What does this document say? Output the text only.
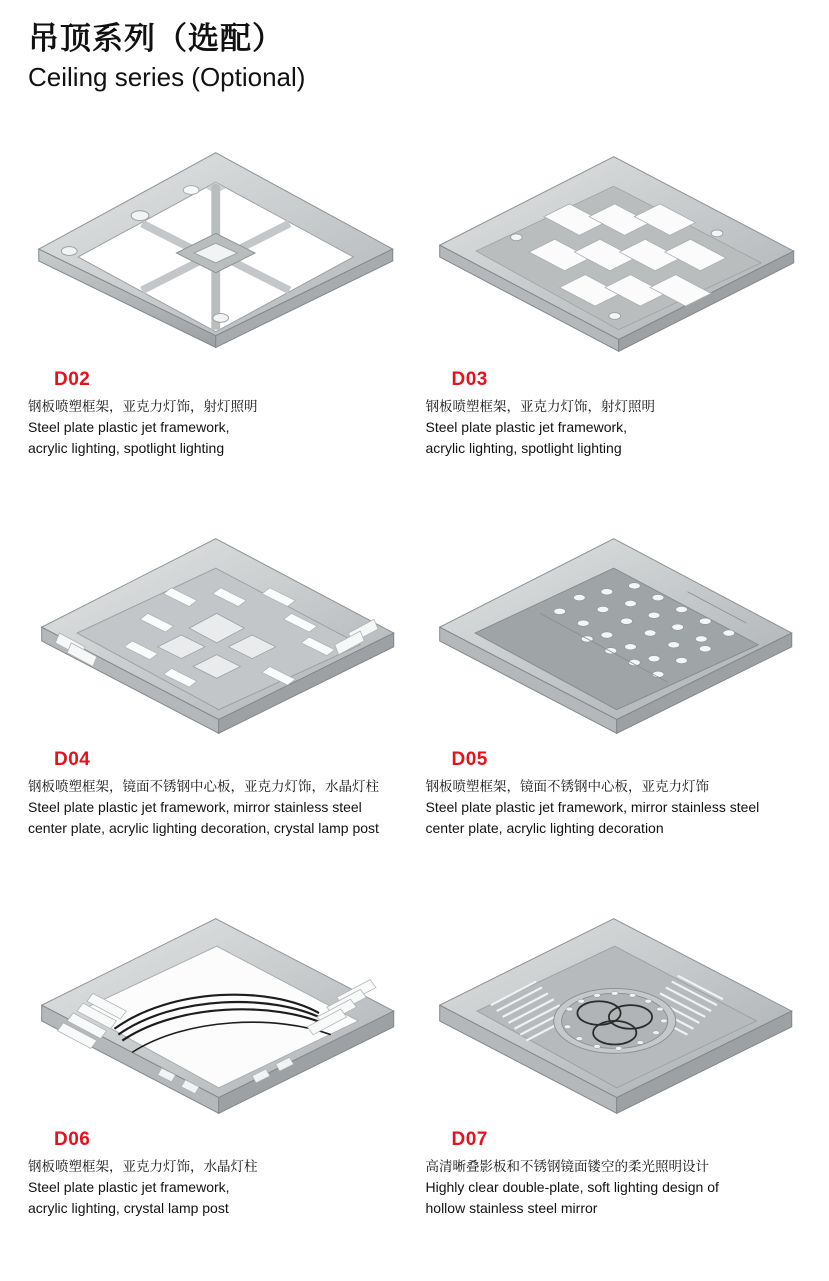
吊顶系列（选配）
Ceiling series (Optional)
D02

钢板喷塑框架，亚克力灯饰，射灯照明

Steel plate plastic jet framework,

acrylic lighting, spotlight lighting

D03

钢板喷塑框架，亚克力灯饰，射灯照明

Steel plate plastic jet framework,

acrylic lighting, spotlight lighting

D04

钢板喷塑框架，镜面不锈钢中心板，亚克力灯饰，水晶灯柱

Steel plate plastic jet framework, mirror stainless steel

center plate, acrylic lighting decoration, crystal lamp post

D05

钢板喷塑框架，镜面不锈钢中心板，亚克力灯饰

Steel plate plastic jet framework, mirror stainless steel

center plate, acrylic lighting decoration

D06

钢板喷塑框架，亚克力灯饰，水晶灯柱

Steel plate plastic jet framework,

acrylic lighting, crystal lamp post

D07

高清晰叠影板和不锈钢镜面镂空的柔光照明设计

Highly clear double-plate, soft lighting design of

hollow stainless steel mirror
